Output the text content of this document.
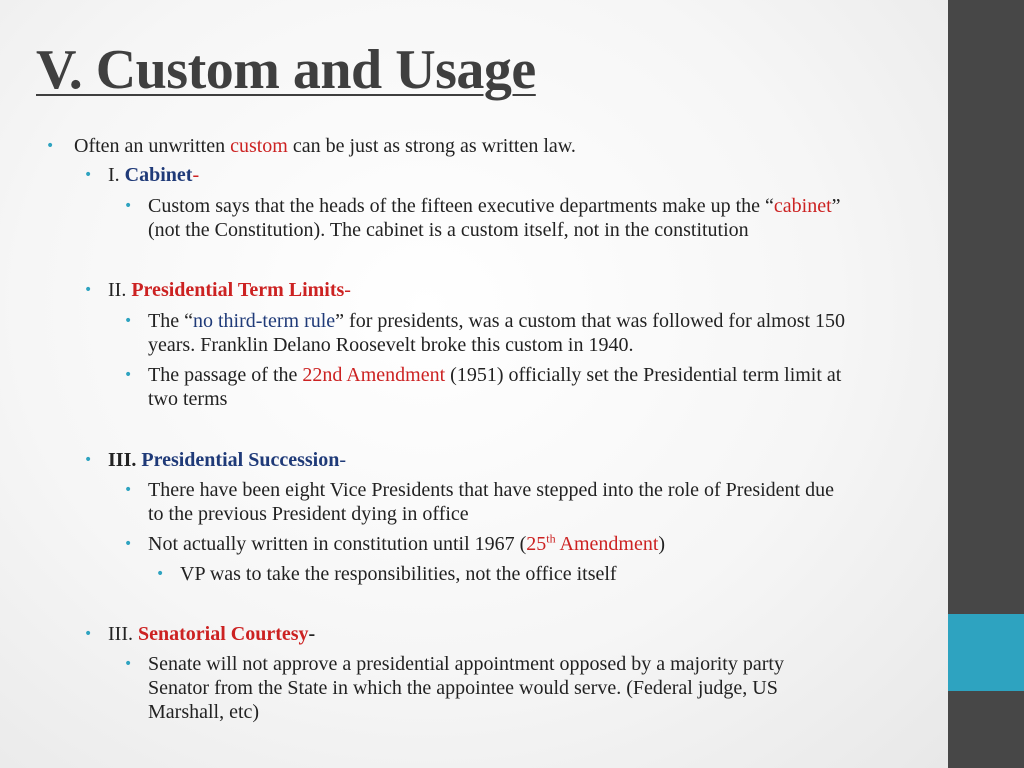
V. Custom and Usage
• Often an unwritten custom can be just as strong as written law.
• I. Cabinet-
• Custom says that the heads of the fifteen executive departments make up the “cabinet”
(not the Constitution). The cabinet is a custom itself, not in the constitution
• II. Presidential Term Limits-
• The “no third-term rule” for presidents, was a custom that was followed for almost 150
years. Franklin Delano Roosevelt broke this custom in 1940.
• The passage of the 22nd Amendment (1951) officially set the Presidential term limit at
two terms
• III. Presidential Succession-
• There have been eight Vice Presidents that have stepped into the role of President due
to the previous President dying in office
• Not actually written in constitution until 1967 (25th Amendment)
• VP was to take the responsibilities, not the office itself
• III. Senatorial Courtesy-
• Senate will not approve a presidential appointment opposed by a majority party
Senator from the State in which the appointee would serve. (Federal judge, US
Marshall, etc)
